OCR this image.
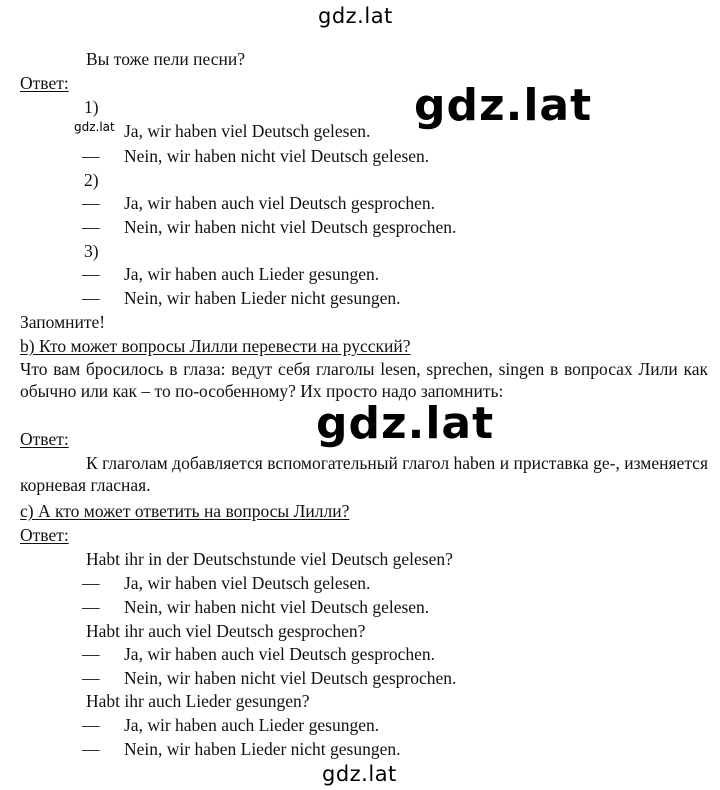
gdz.lat
Вы тоже пели песни?
Ответ:
1)
gdz.lat Ja, wir haben viel Deutsch gelesen. gdz.lat
— Nein, wir haben nicht viel Deutsch gelesen.
2)
— Ja, wir haben auch viel Deutsch gesprochen.
— Nein, wir haben nicht viel Deutsch gesprochen.
3)
— Ja, wir haben auch Lieder gesungen.
— Nein, wir haben Lieder nicht gesungen.
Запомните!
b) Кто может вопросы Лилли перевести на русский?
Что вам бросилось в глаза: ведут себя глаголы lesen, sprechen, singen в вопросах Лили как обычно или как – то по-особенному? Их просто надо запомнить:
gdz.lat
Ответ:
К глаголам добавляется вспомогательный глагол haben и приставка ge-, изменяется корневая гласная.
c) А кто может ответить на вопросы Лилли?
Ответ:
Habt ihr in der Deutschstunde viel Deutsch gelesen?
— Ja, wir haben viel Deutsch gelesen.
— Nein, wir haben nicht viel Deutsch gelesen.
Habt ihr auch viel Deutsch gesprochen?
— Ja, wir haben auch viel Deutsch gesprochen.
— Nein, wir haben nicht viel Deutsch gesprochen.
Habt ihr auch Lieder gesungen?
— Ja, wir haben auch Lieder gesungen.
— Nein, wir haben Lieder nicht gesungen.
gdz.lat
